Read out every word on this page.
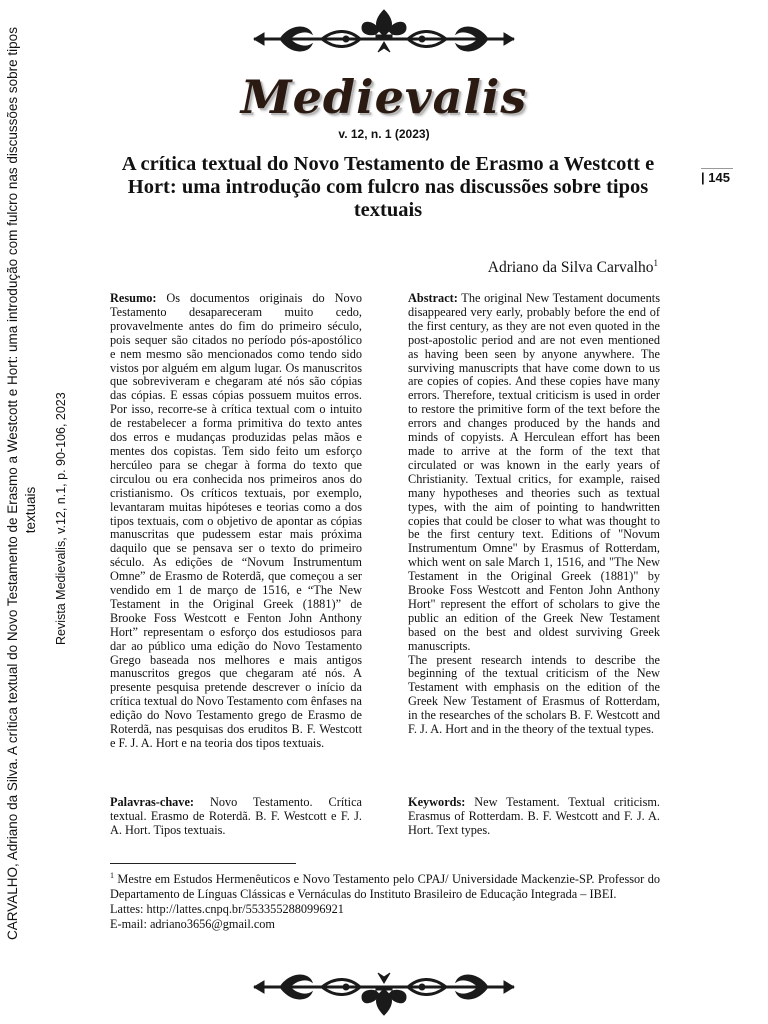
Medievalis
v. 12, n. 1 (2023)
| 145
CARVALHO, Adriano da Silva. A crítica textual do Novo Testamento de Erasmo a Westcott e Hort: uma introdução com fulcro nas discussões sobre tipos textuais Revista Medievalis, v.12, n.1, p. 90-106, 2023
A crítica textual do Novo Testamento de Erasmo a Westcott e Hort: uma introdução com fulcro nas discussões sobre tipos textuais
Adriano da Silva Carvalho$^1$

Resumo: Os documentos originais do Novo Testamento desapareceram muito cedo, provavelmente antes do fim do primeiro século, pois sequer são citados no período pós-apostólico e nem mesmo são mencionados como tendo sido vistos por alguém em algum lugar. Os manuscritos que sobreviveram e chegaram até nós são cópias das cópias. E essas cópias possuem muitos erros. Por isso, recorre-se à crítica textual com o intuito de restabelecer a forma primitiva do texto antes dos erros e mudanças produzidas pelas mãos e mentes dos copistas. Tem sido feito um esforço hercúleo para se chegar à forma do texto que circulou ou era conhecida nos primeiros anos do cristianismo. Os críticos textuais, por exemplo, levantaram muitas hipóteses e teorias como a dos tipos textuais, com o objetivo de apontar as cópias manuscritas que pudessem estar mais próxima daquilo que se pensava ser o texto do primeiro século. As edições de “Novum Instrumentum Omne” de Erasmo de Roterdã, que começou a ser vendido em 1 de março de 1516, e “The New Testament in the Original Greek (1881)” de Brooke Foss Westcott e Fenton John Anthony Hort” representam o esforço dos estudiosos para dar ao público uma edição do Novo Testamento Grego baseada nos melhores e mais antigos manuscritos gregos que chegaram até nós. A presente pesquisa pretende descrever o início da crítica textual do Novo Testamento com ênfases na edição do Novo Testamento grego de Erasmo de Roterdã, nas pesquisas dos eruditos B. F. Westcott e F. J. A. Hort e na teoria dos tipos textuais.

Abstract: The original New Testament documents disappeared very early, probably before the end of the first century, as they are not even quoted in the post-apostolic period and are not even mentioned as having been seen by anyone anywhere. The surviving manuscripts that have come down to us are copies of copies. And these copies have many errors. Therefore, textual criticism is used in order to restore the primitive form of the text before the errors and changes produced by the hands and minds of copyists. A Herculean effort has been made to arrive at the form of the text that circulated or was known in the early years of Christianity. Textual critics, for example, raised many hypotheses and theories such as textual types, with the aim of pointing to handwritten copies that could be closer to what was thought to be the first century text. Editions of "Novum Instrumentum Omne" by Erasmus of Rotterdam, which went on sale March 1, 1516, and "The New Testament in the Original Greek (1881)" by Brooke Foss Westcott and Fenton John Anthony Hort" represent the effort of scholars to give the public an edition of the Greek New Testament based on the best and oldest surviving Greek manuscripts.
The present research intends to describe the beginning of the textual criticism of the New Testament with emphasis on the edition of the Greek New Testament of Erasmus of Rotterdam, in the researches of the scholars B. F. Westcott and F. J. A. Hort and in the theory of the textual types.

Palavras-chave: Novo Testamento. Crítica textual. Erasmo de Roterdã. B. F. Westcott e F. J. A. Hort. Tipos textuais.

Keywords: New Testament. Textual criticism. Erasmus of Rotterdam. B. F. Westcott and F. J. A. Hort. Text types.

$^1$ Mestre em Estudos Hermenêuticos e Novo Testamento pelo CPAJ/ Universidade Mackenzie-SP. Professor do Departamento de Línguas Clássicas e Vernáculas do Instituto Brasileiro de Educação Integrada – IBEI.
Lattes: http://lattes.cnpq.br/5533552880996921
E-mail: adriano3656@gmail.com
